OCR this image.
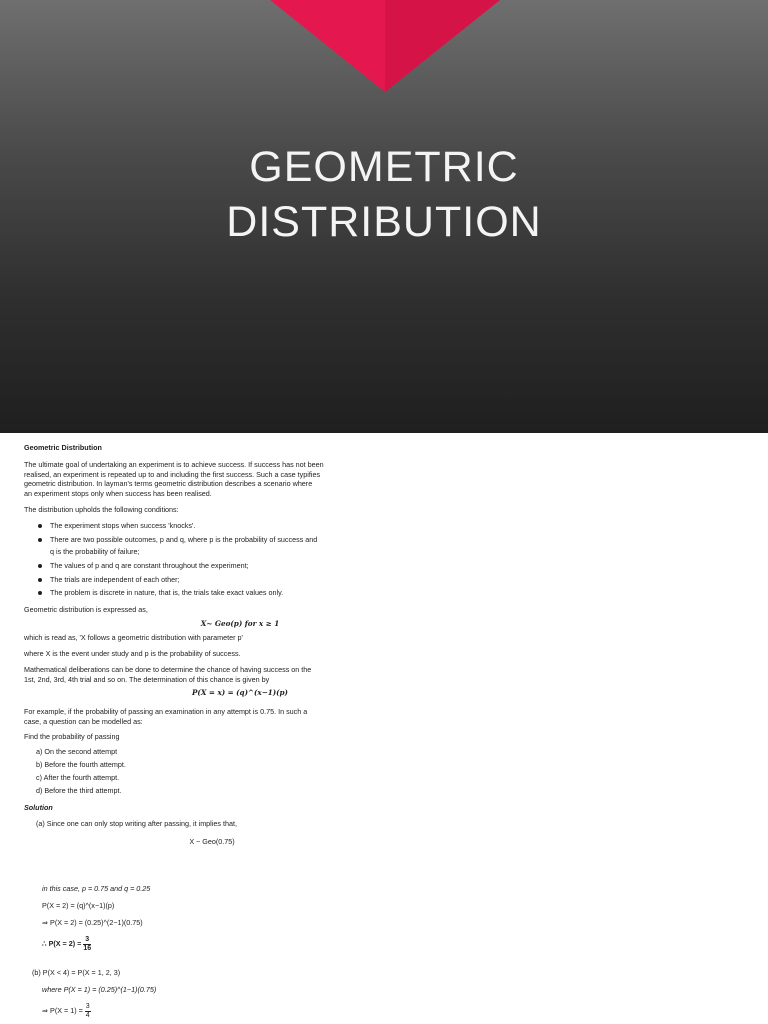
GEOMETRIC
DISTRIBUTION
Geometric Distribution
The ultimate goal of undertaking an experiment is to achieve success. If success has not been
realised, an experiment is repeated up to and including the first success. Such a case typifies
geometric distribution. In layman's terms geometric distribution describes a scenario where
an experiment stops only when success has been realised.
The distribution upholds the following conditions:
The experiment stops when success 'knocks'.
There are two possible outcomes, p and q, where p is the probability of success and
q is the probability of failure;
The values of p and q are constant throughout the experiment;
The trials are independent of each other;
The problem is discrete in nature, that is, the trials take exact values only.
Geometric distribution is expressed as,
X~ Geo(p) for x ≥ 1
which is read as, 'X follows a geometric distribution with parameter p'
where X is the event under study and p is the probability of success.
Mathematical deliberations can be done to determine the chance of having success on the
1st, 2nd, 3rd, 4th trial and so on. The determination of this chance is given by
P(X = x) = (q)^(x−1)(p)
For example, if the probability of passing an examination in any attempt is 0.75. In such a
case, a question can be modelled as:
Find the probability of passing
a) On the second attempt
b) Before the fourth attempt.
c) After the fourth attempt.
d) Before the third attempt.
Solution
(a) Since one can only stop writing after passing, it implies that,
X ~ Geo(0.75)
in this case, p = 0.75 and q = 0.25
P(X = 2) = (q)^(x−1)(p)
⇒ P(X = 2) = (0.25)^(2−1)(0.75)
∴ $P(X = 2) = \frac{3}{16}$
(b) P(X < 4) = P(X = 1, 2, 3)
where P(X = 1) = (0.25)^(1−1)(0.75)
⇒ $P(X = 1) = \frac{3}{4}$
